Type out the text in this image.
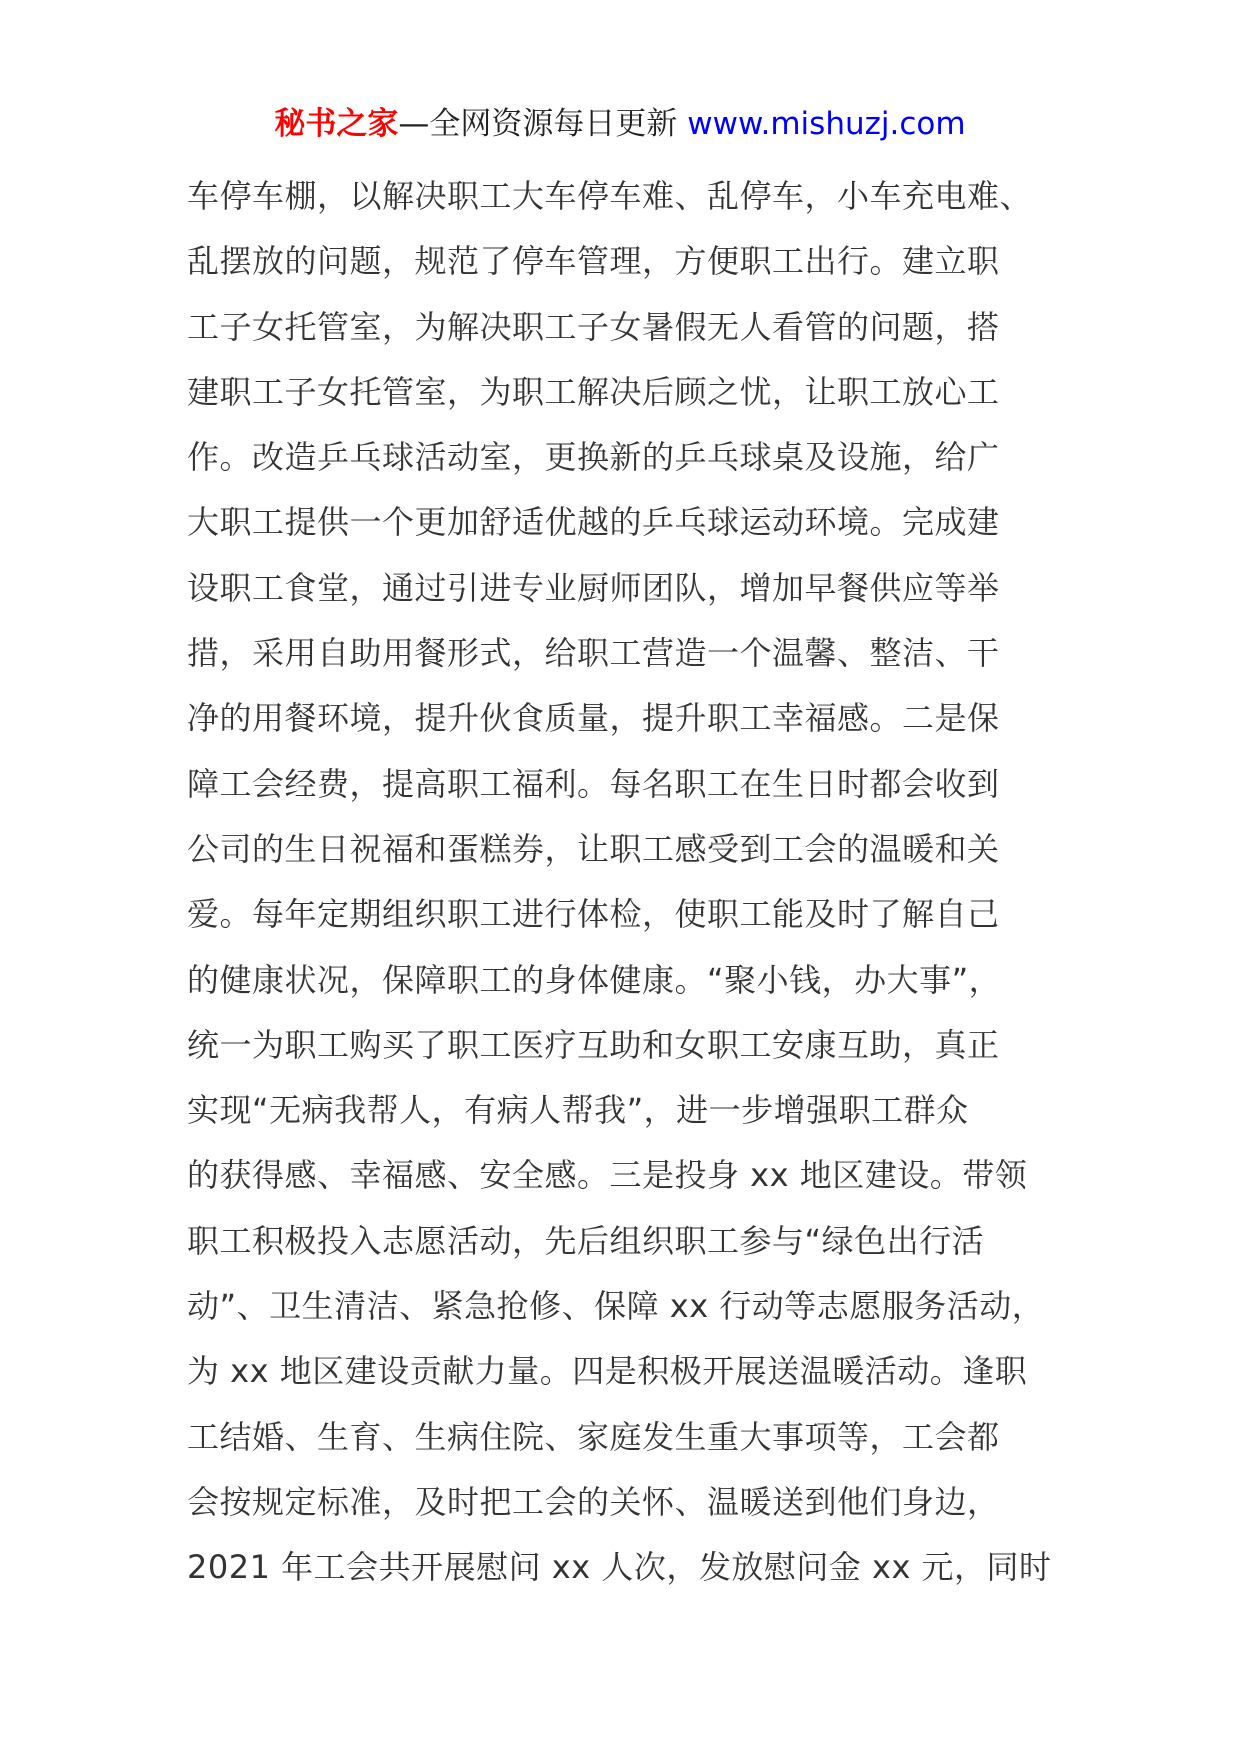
秘书之家—全网资源每日更新 www.mishuzj.com
车停车棚，以解决职工大车停车难、乱停车，小车充电难、
乱摆放的问题，规范了停车管理，方便职工出行。建立职
工子女托管室，为解决职工子女暑假无人看管的问题，搭
建职工子女托管室，为职工解决后顾之忧，让职工放心工
作。改造乒乓球活动室，更换新的乒乓球桌及设施，给广
大职工提供一个更加舒适优越的乒乓球运动环境。完成建
设职工食堂，通过引进专业厨师团队，增加早餐供应等举
措，采用自助用餐形式，给职工营造一个温馨、整洁、干
净的用餐环境，提升伙食质量，提升职工幸福感。二是保
障工会经费，提高职工福利。每名职工在生日时都会收到
公司的生日祝福和蛋糕券，让职工感受到工会的温暖和关
爱。每年定期组织职工进行体检，使职工能及时了解自己
的健康状况，保障职工的身体健康。“聚小钱，办大事”，
统一为职工购买了职工医疗互助和女职工安康互助，真正
实现“无病我帮人，有病人帮我”，进一步增强职工群众
的获得感、幸福感、安全感。三是投身 xx 地区建设。带领
职工积极投入志愿活动，先后组织职工参与“绿色出行活
动”、卫生清洁、紧急抢修、保障 xx 行动等志愿服务活动，
为 xx 地区建设贡献力量。四是积极开展送温暖活动。逢职
工结婚、生育、生病住院、家庭发生重大事项等，工会都
会按规定标准，及时把工会的关怀、温暖送到他们身边，
2021 年工会共开展慰问 xx 人次，发放慰问金 xx 元，同时
